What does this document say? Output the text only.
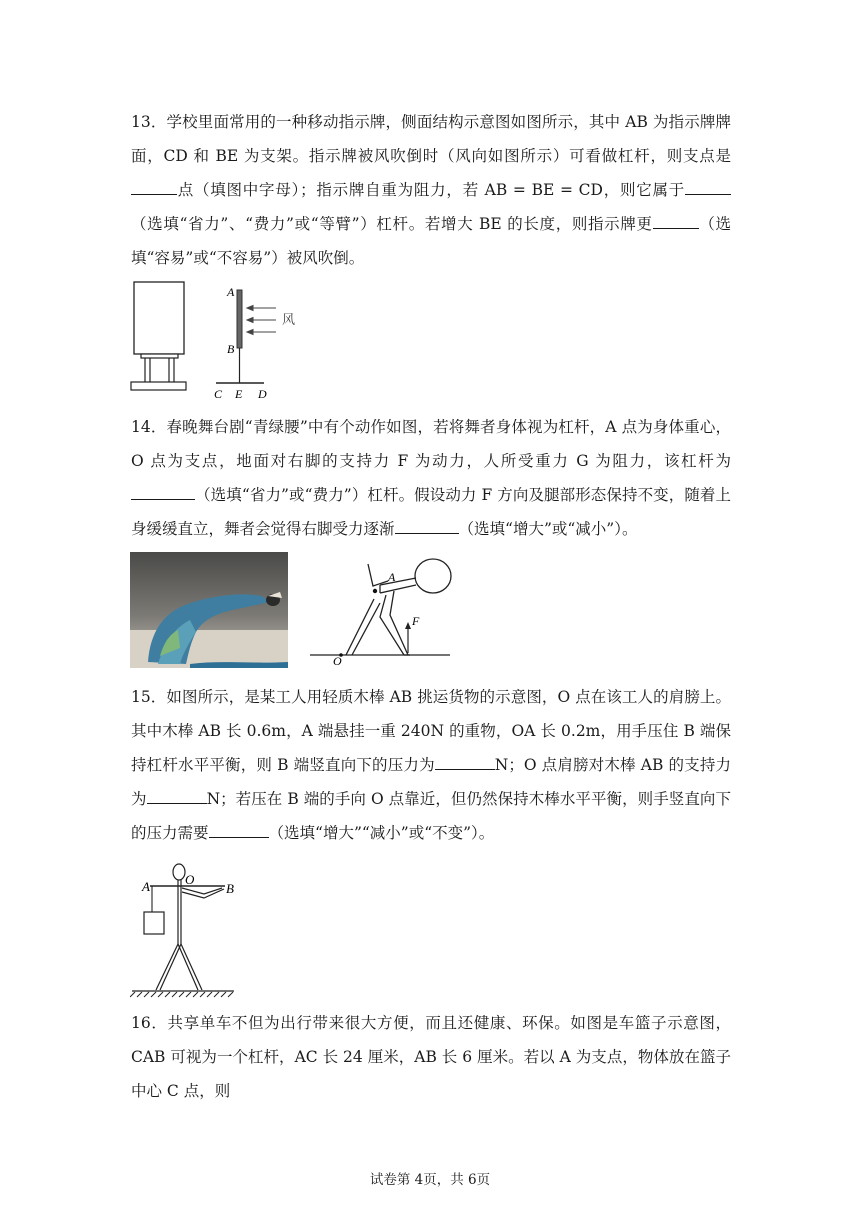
13．学校里面常用的一种移动指示牌，侧面结构示意图如图所示，其中 AB 为指示牌牌面，CD 和 BE 为支架。指示牌被风吹倒时（风向如图所示）可看做杠杆，则支点是点（填图中字母）；指示牌自重为阻力，若 AB = BE = CD，则它属于（选填“省力”、“费力”或“等臂”）杠杆。若增大 BE 的长度，则指示牌更	（选填“容易”或“不容易”）被风吹倒。

A
B
C E D
风

14．春晚舞台剧“青绿腰”中有个动作如图，若将舞者身体视为杠杆，A 点为身体重心，O 点为支点，地面对右脚的支持力 F 为动力，人所受重力 G 为阻力，该杠杆为（选填“省力”或“费力”）杠杆。假设动力 F 方向及腿部形态保持不变，随着上身缓缓直立，舞者会觉得右脚受力逐渐	（选填“增大”或“减小”）。

A
F
O

15．如图所示，是某工人用轻质木棒 AB 挑运货物的示意图，O 点在该工人的肩膀上。其中木棒 AB 长 0.6m，A 端悬挂一重 240N 的重物，OA 长 0.2m，用手压住 B 端保持杠杆水平平衡，则 B 端竖直向下的压力为	N；O 点肩膀对木棒 AB 的支持力为	N；若压在 B 端的手向 O 点靠近，但仍然保持木棒水平平衡，则手竖直向下的压力需要	（选填“增大”“减小”或“不变”）。

A	O
B

16．共享单车不但为出行带来很大方便，而且还健康、环保。如图是车篮子示意图，CAB 可视为一个杠杆，AC 长 24 厘米，AB 长 6 厘米。若以 A 为支点，物体放在篮子中心 C 点，则

试卷第 4页，共 6页
